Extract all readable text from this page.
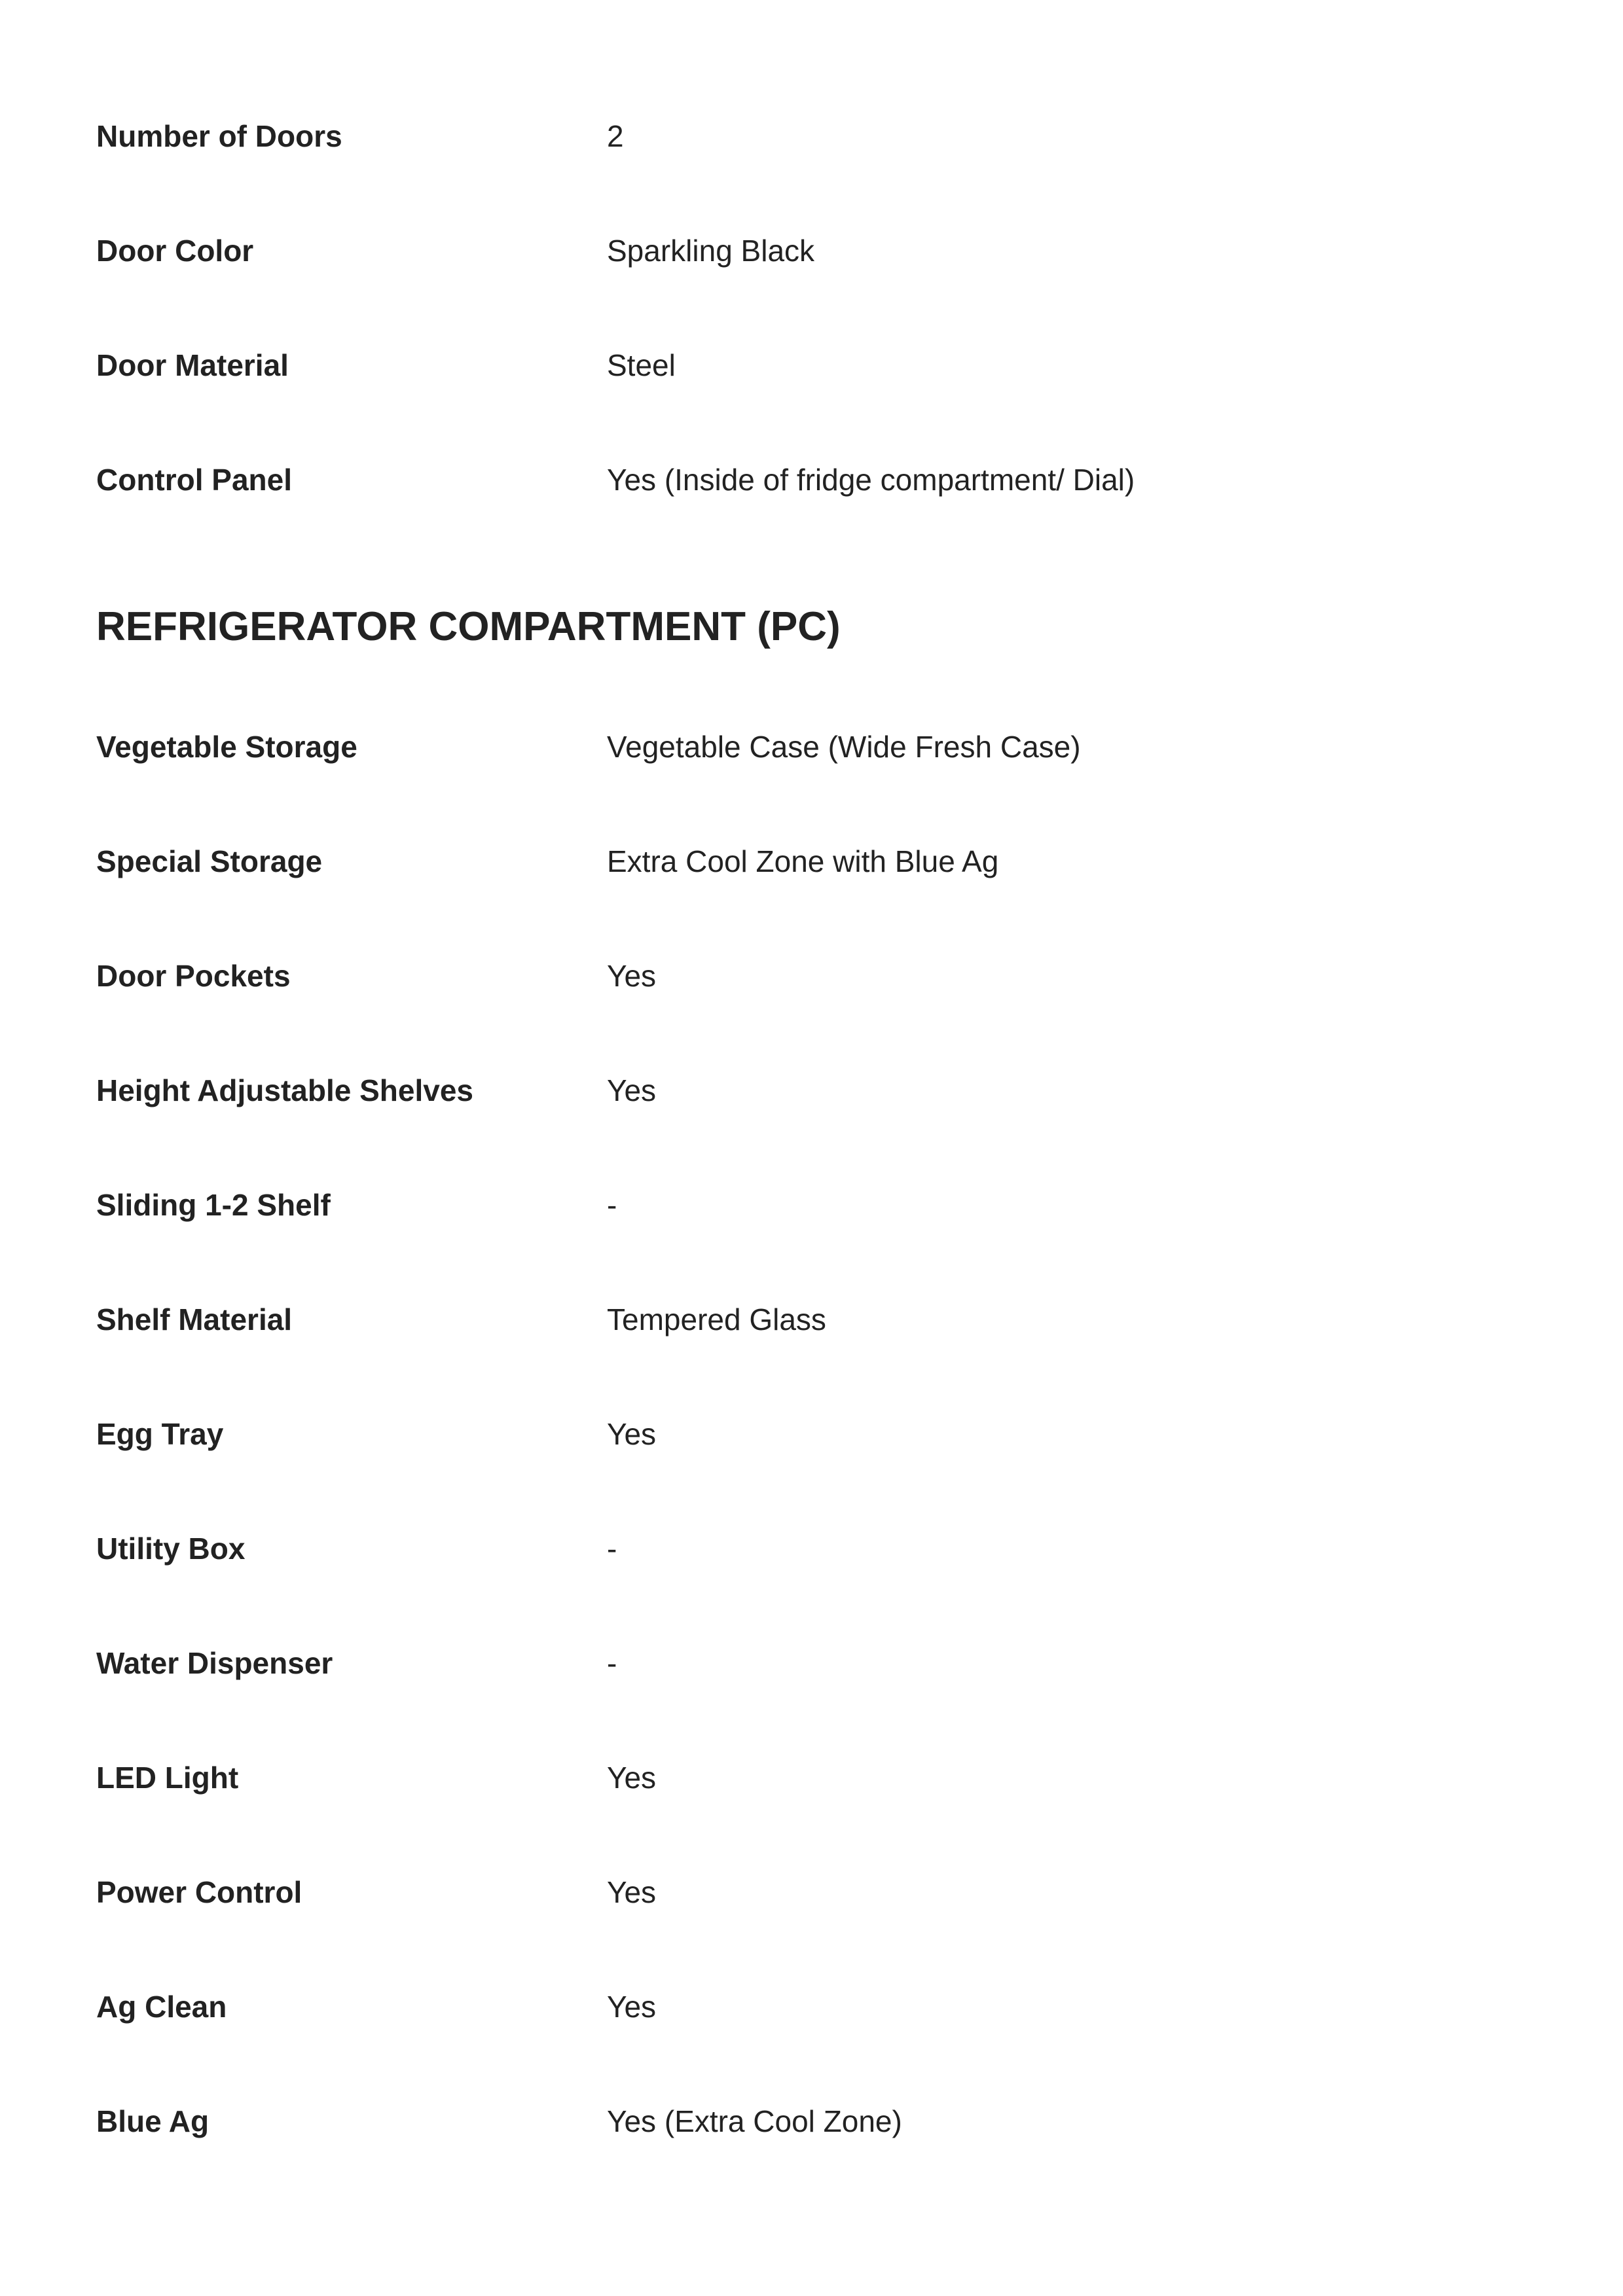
Number of Doors	2
Door Color	Sparkling Black
Door Material	Steel
Control Panel	Yes (Inside of fridge compartment/ Dial)
REFRIGERATOR COMPARTMENT (PC)
Vegetable Storage	Vegetable Case (Wide Fresh Case)
Special Storage	Extra Cool Zone with Blue Ag
Door Pockets	Yes
Height Adjustable Shelves	Yes
Sliding 1-2 Shelf	-
Shelf Material	Tempered Glass
Egg Tray	Yes
Utility Box	-
Water Dispenser	-
LED Light	Yes
Power Control	Yes
Ag Clean	Yes
Blue Ag	Yes (Extra Cool Zone)
